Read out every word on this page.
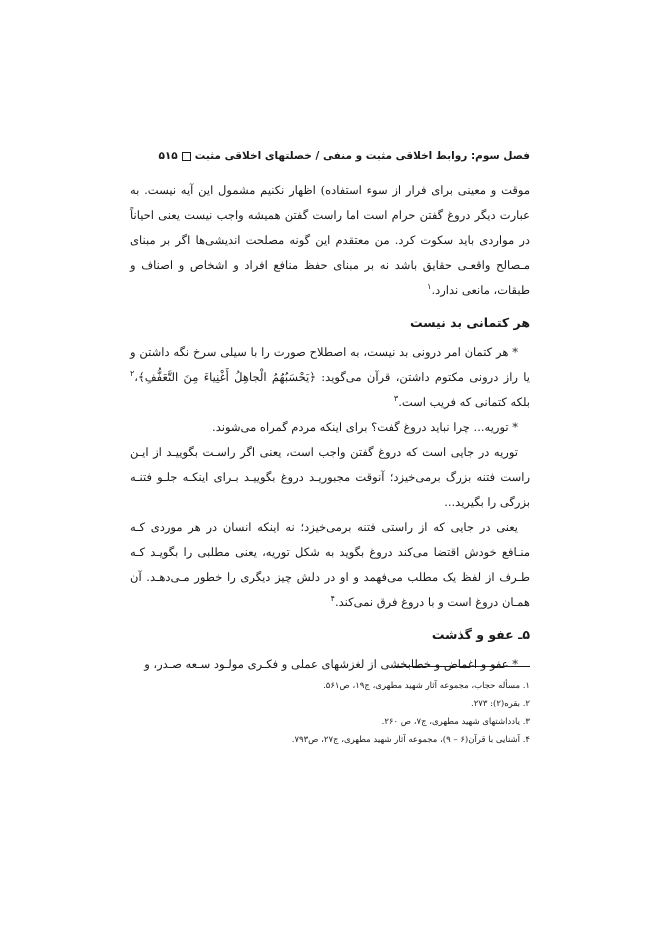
فصل سوم: روابط اخلاقی مثبت و منفی / خصلتهای اخلاقی مثبت
۵۱۵

موقت و معینی برای فرار از سوء استفاده) اظهار نکنیم مشمول این آیه نیست. به عبارت دیگر دروغ گفتن حرام است اما راست گفتن همیشه واجب نیست یعنی احیاناً در مواردی باید سکوت کرد. من معتقدم این گونه مصلحت اندیشی‌ها اگر بر مبنای مـصالح واقعـی حقایق باشد نه بر مبنای حفظ منافع افراد و اشخاص و اصناف و طبقات، مانعی ندارد.$^۱$

هر کتمانی بد نیست

* هر کتمان امر درونی بد نیست، به اصطلاح صورت را با سیلی سرخ نگه داشتن و یا راز درونی مکتوم داشتن، قرآن می‌گوید: ﴿یَحْسَبُهُمُ الْجاهِلُ أَغْنِیاءَ مِنَ التَّعَفُّفِ﴾،$^۲$ بلکه کتمانی که فریب است.$^۳$

* توریه... چرا نباید دروغ گفت؟ برای اینکه مردم گمراه می‌شوند.

توریه در جایی است که دروغ گفتن واجب است، یعنی اگر راسـت بگوییـد از ایـن راست فتنه بزرگ برمی‌خیزد؛ آنوقت مجبوریـد دروغ بگوییـد بـرای اینکـه جلـو فتنـه بزرگی را بگیرید...

یعنی در جایی که از راستی فتنه برمی‌خیزد؛ نه اینکه انسان در هر موردی کـه منـافع خودش اقتضا می‌کند دروغ بگوید به شکل توریه، یعنی مطلبی را بگویـد کـه طـرف از لفظ یک مطلب می‌فهمد و او در دلش چیز دیگری را خطور مـی‌دهـد. آن همـان دروغ است و با دروغ فرق نمی‌کند.$^۴$

۵ـ عفو و گذشت

* عفو و اغماض و خطابخشی از لغزشهای عملی و فکـری مولـود سـعه صـدر، و

۱. مسأله حجاب، مجموعه آثار شهید مطهری، ج۱۹، ص۵۶۱.
۲. بقره(۲): ۲۷۳.
۳. یادداشتهای شهید مطهری، ج۷، ص ۲۶۰.
۴. آشنایی با قرآن(۶ – ۹)، مجموعه آثار شهید مطهری، ج۲۷، ص۷۹۳.
